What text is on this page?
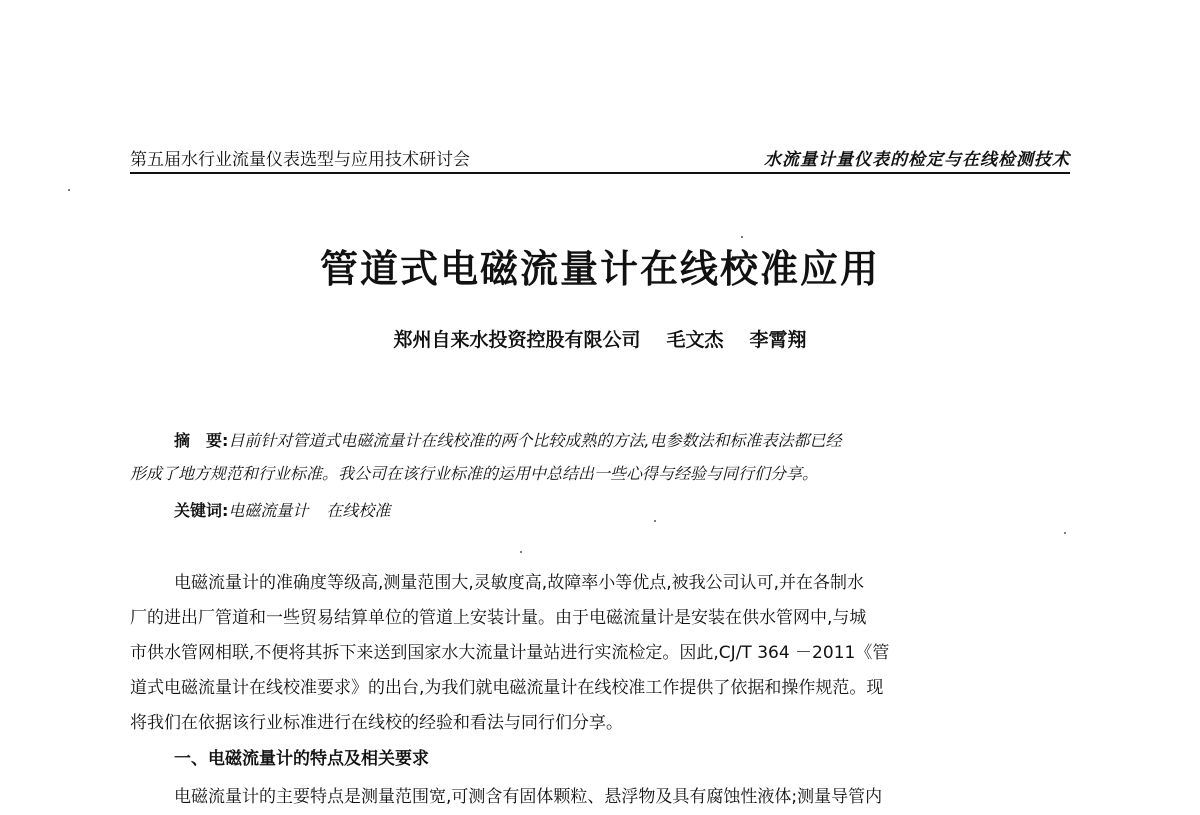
第五届水行业流量仪表选型与应用技术研讨会	水流量计量仪表的检定与在线检测技术
管道式电磁流量计在线校准应用
郑州自来水投资控股有限公司 毛文杰 李霄翔
摘　要:目前针对管道式电磁流量计在线校准的两个比较成熟的方法,电参数法和标准表法都已经
形成了地方规范和行业标准。我公司在该行业标准的运用中总结出一些心得与经验与同行们分享。
关键词:电磁流量计 在线校准
电磁流量计的准确度等级高,测量范围大,灵敏度高,故障率小等优点,被我公司认可,并在各制水
厂的进出厂管道和一些贸易结算单位的管道上安装计量。由于电磁流量计是安装在供水管网中,与城
市供水管网相联,不便将其拆下来送到国家水大流量计量站进行实流检定。因此,CJ/T 364 －2011《管
道式电磁流量计在线校准要求》的出台,为我们就电磁流量计在线校准工作提供了依据和操作规范。现
将我们在依据该行业标准进行在线校的经验和看法与同行们分享。
一、电磁流量计的特点及相关要求
电磁流量计的主要特点是测量范围宽,可测含有固体颗粒、悬浮物及具有腐蚀性液体;测量导管内
